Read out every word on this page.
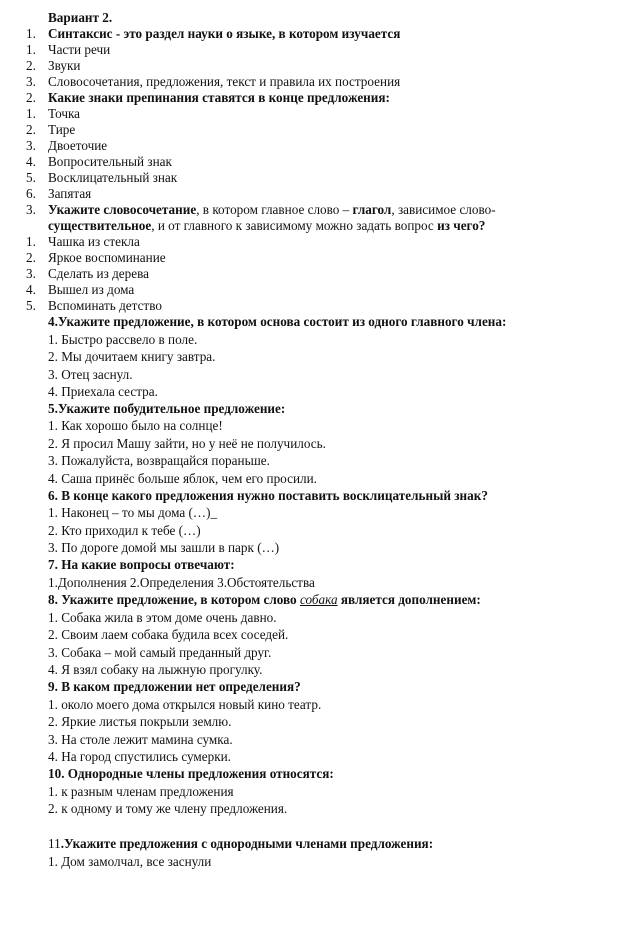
Вариант 2.
1. Синтаксис - это раздел науки о языке, в котором изучается
1. Части речи
2. Звуки
3. Словосочетания, предложения, текст и правила их построения
2. Какие знаки препинания ставятся в конце предложения:
1. Точка
2. Тире
3. Двоеточие
4. Вопросительный знак
5. Восклицательный знак
6. Запятая
3. Укажите словосочетание, в котором главное слово – глагол, зависимое слово-
существительное, и от главного к зависимому можно задать вопрос из чего?
1. Чашка из стекла
2. Яркое воспоминание
3. Сделать из дерева
4. Вышел из дома
5. Вспоминать детство
4.Укажите предложение, в котором основа состоит из одного главного члена:
1. Быстро рассвело в поле.
2. Мы дочитаем книгу завтра.
3. Отец заснул.
4. Приехала сестра.
5.Укажите побудительное предложение:
1. Как хорошо было на солнце!
2. Я просил Машу зайти, но у неё не получилось.
3. Пожалуйста, возвращайся пораньше.
4. Саша принёс больше яблок, чем его просили.
6. В конце какого предложения нужно поставить восклицательный знак?
1. Наконец – то мы дома (…)_
2. Кто приходил к тебе (…)
3. По дороге домой мы зашли в парк (…)
7. На какие вопросы отвечают:
1.Дополнения 2.Определения 3.Обстоятельства
8. Укажите предложение, в котором слово собака является дополнением:
1. Собака жила в этом доме очень давно.
2. Своим лаем собака будила всех соседей.
3. Собака – мой самый преданный друг.
4. Я взял собаку на лыжную прогулку.
9. В каком предложении нет определения?
1. около моего дома открылся новый кино театр.
2. Яркие листья покрыли землю.
3. На столе лежит мамина сумка.
4. На город спустились сумерки.
10. Однородные члены предложения относятся:
1. к разным членам предложения
2. к одному и тому же члену предложения.
11.Укажите предложения с однородными членами предложения:
1. Дом замолчал, все заснули
